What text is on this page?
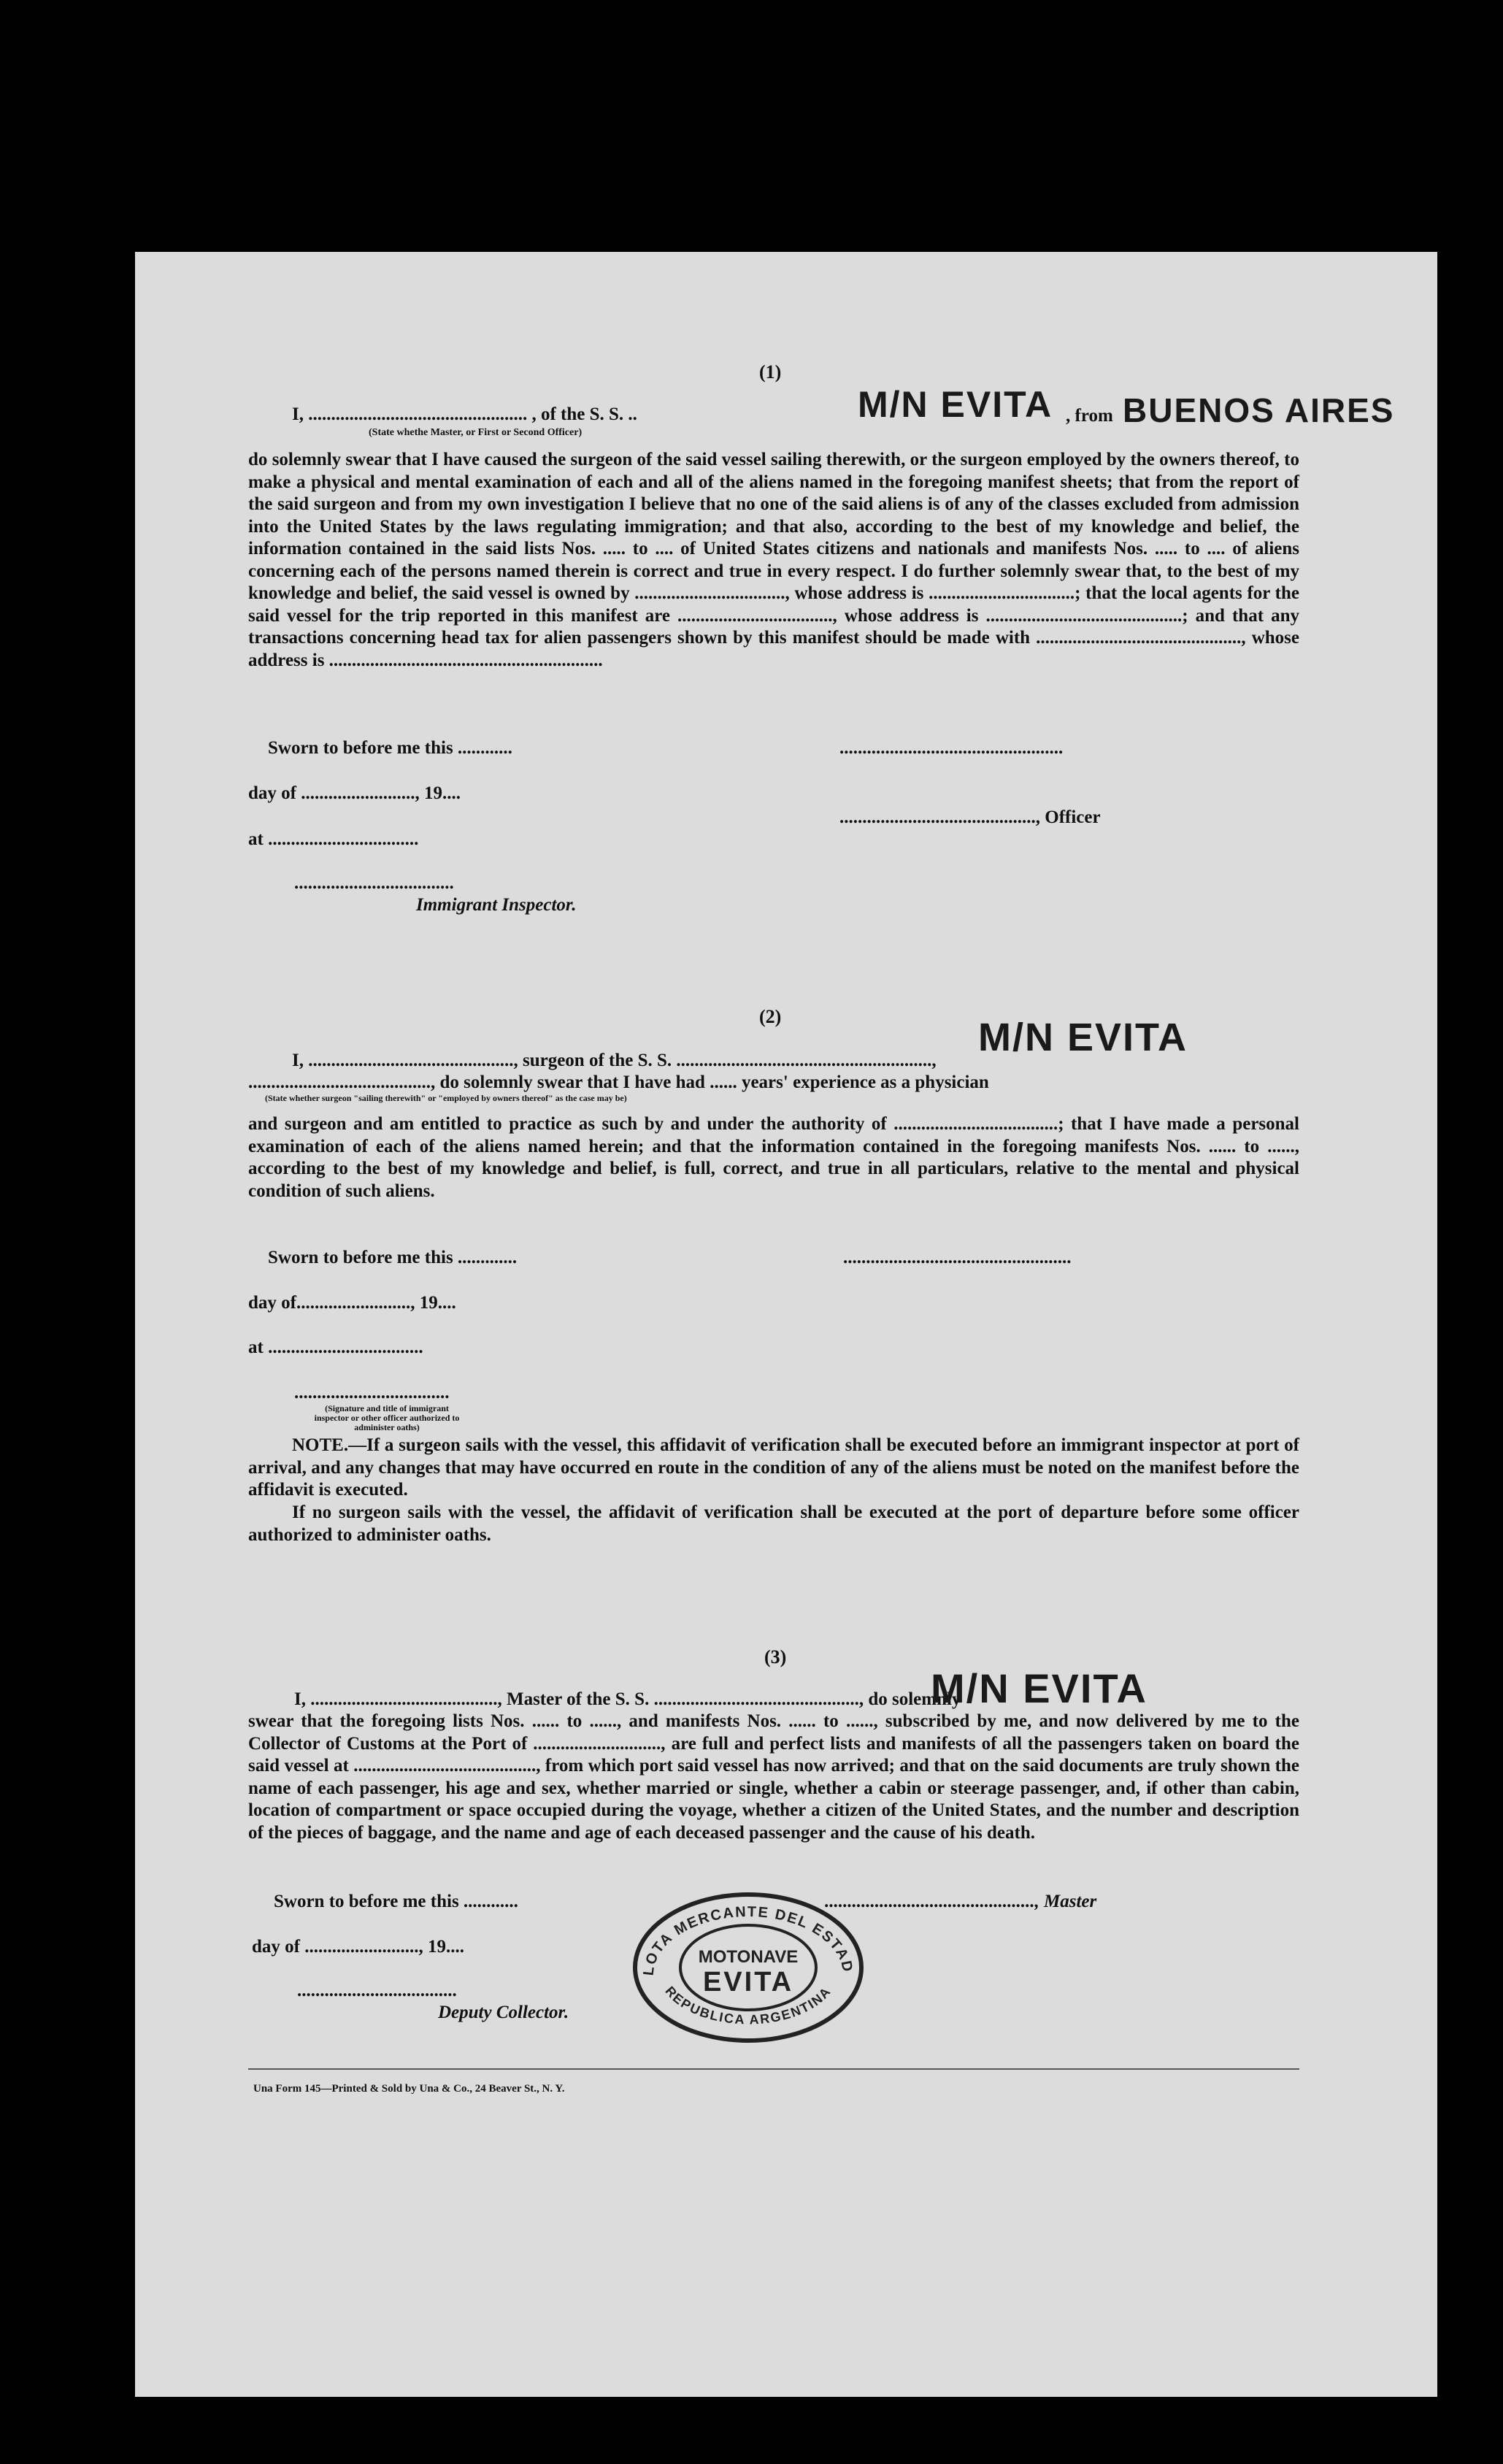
(1)
I, ................................................ , of the S. S. ..	M/N EVITA , from BUENOS AIRES
(State whethe Master, or First or Second Officer)
do solemnly swear that I have caused the surgeon of the said vessel sailing therewith, or the surgeon employed by the owners thereof, to make a physical and mental examination of each and all of the aliens named in the foregoing manifest sheets; that from the report of the said surgeon and from my own investigation I believe that no one of the said aliens is of any of the classes excluded from admission into the United States by the laws regulating immigration; and that also, according to the best of my knowledge and belief, the information contained in the said lists Nos. ..... to .... of United States citizens and nationals and manifests Nos. ..... to .... of aliens concerning each of the persons named therein is correct and true in every respect. I do further solemnly swear that, to the best of my knowledge and belief, the said vessel is owned by ................................., whose address is ................................; that the local agents for the said vessel for the trip reported in this manifest are .................................., whose address is ...........................................; and that any transactions concerning head tax for alien passengers shown by this manifest should be made with ............................................., whose address is ............................................................
Sworn to before me this ............	.................................................
day of ........................., 19....
..........................................., Officer
at .................................
...................................
Immigrant Inspector.
(2)
I, ............................................., surgeon of the S. S. ........................................................,
M/N EVITA
........................................, do solemnly swear that I have had ...... years' experience as a physician
(State whether surgeon "sailing therewith" or "employed by owners thereof" as the case may be)
and surgeon and am entitled to practice as such by and under the authority of ....................................; that I have made a personal examination of each of the aliens named herein; and that the information contained in the foregoing manifests Nos. ...... to ......, according to the best of my knowledge and belief, is full, correct, and true in all particulars, relative to the mental and physical condition of such aliens.
Sworn to before me this .............	..................................................
day of........................., 19....
at ..................................
..................................
(Signature and title of immigrant inspector or other officer authorized to administer oaths)
NOTE.—If a surgeon sails with the vessel, this affidavit of verification shall be executed before an immigrant inspector at port of arrival, and any changes that may have occurred en route in the condition of any of the aliens must be noted on the manifest before the affidavit is executed.
If no surgeon sails with the vessel, the affidavit of verification shall be executed at the port of departure before some officer authorized to administer oaths.
(3)
I, ........................................., Master of the S. S. ............................................., do solemnly
M/N EVITA
swear that the foregoing lists Nos. ...... to ......, and manifests Nos. ...... to ......, subscribed by me, and now delivered by me to the Collector of Customs at the Port of ............................, are full and perfect lists and manifests of all the passengers taken on board the said vessel at ........................................, from which port said vessel has now arrived; and that on the said documents are truly shown the name of each passenger, his age and sex, whether married or single, whether a cabin or steerage passenger, and, if other than cabin, location of compartment or space occupied during the voyage, whether a citizen of the United States, and the number and description of the pieces of baggage, and the name and age of each deceased passenger and the cause of his death.
Sworn to before me this ............	.............................................., Master
day of ........................., 19....
...................................
Deputy Collector.
LOTA MERCANTE DEL ESTAD
REPUBLICA ARGENTINA
MOTONAVE
EVITA
Una Form 145—Printed & Sold by Una & Co., 24 Beaver St., N. Y.
